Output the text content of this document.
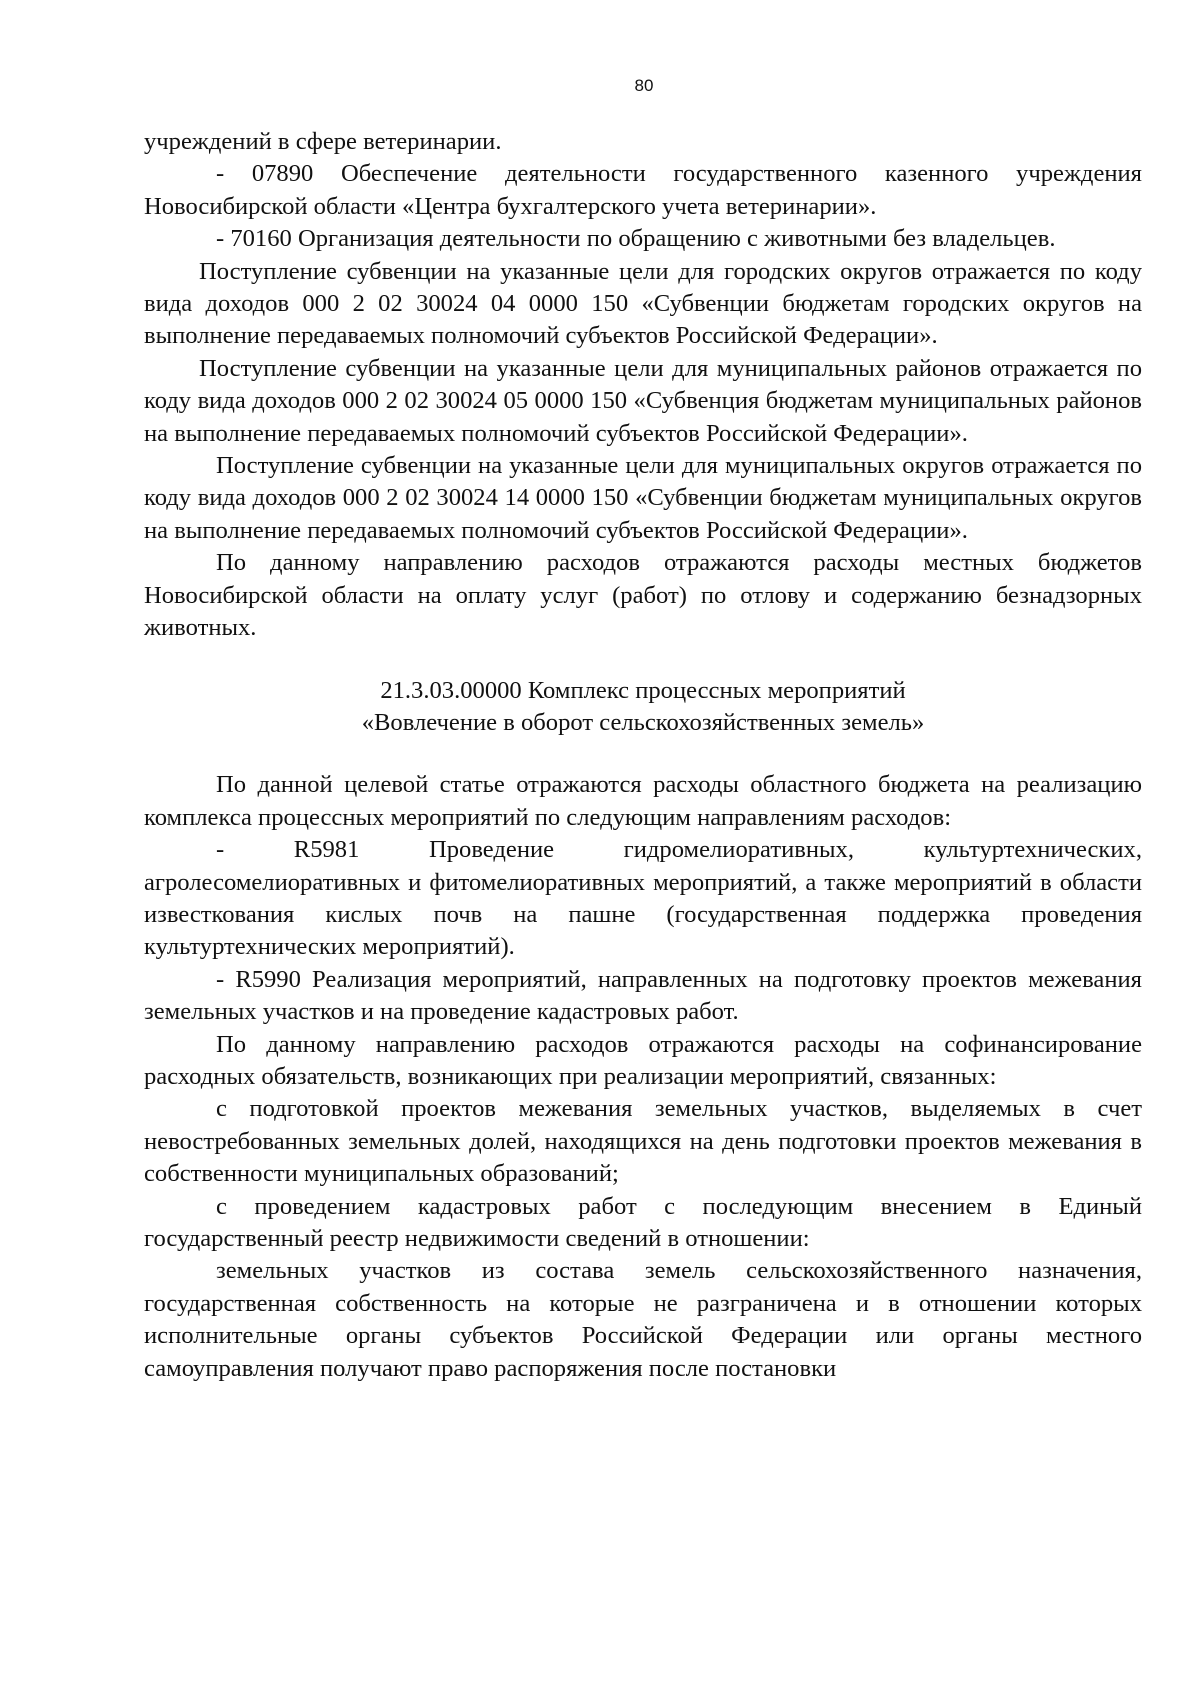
80

учреждений в сфере ветеринарии.

- 07890 Обеспечение деятельности государственного казенного учреждения Новосибирской области «Центра бухгалтерского учета ветеринарии».

- 70160 Организация деятельности по обращению с животными без владельцев.

Поступление субвенции на указанные цели для городских округов отражается по коду вида доходов 000 2 02 30024 04 0000 150 «Субвенции бюджетам городских округов на выполнение передаваемых полномочий субъектов Российской Федерации».

Поступление субвенции на указанные цели для муниципальных районов отражается по коду вида доходов 000 2 02 30024 05 0000 150 «Субвенция бюджетам муниципальных районов на выполнение передаваемых полномочий субъектов Российской Федерации».

Поступление субвенции на указанные цели для муниципальных округов отражается по коду вида доходов 000 2 02 30024 14 0000 150 «Субвенции бюджетам муниципальных округов на выполнение передаваемых полномочий субъектов Российской Федерации».

По данному направлению расходов отражаются расходы местных бюджетов Новосибирской области на оплату услуг (работ) по отлову и содержанию безнадзорных животных.

21.3.03.00000 Комплекс процессных мероприятий

«Вовлечение в оборот сельскохозяйственных земель»

По данной целевой статье отражаются расходы областного бюджета на реализацию комплекса процессных мероприятий по следующим направлениям расходов:

- R5981 Проведение гидромелиоративных, культуртехнических, агролесомелиоративных и фитомелиоративных мероприятий, а также мероприятий в области известкования кислых почв на пашне (государственная поддержка проведения культуртехнических мероприятий).

- R5990 Реализация мероприятий, направленных на подготовку проектов межевания земельных участков и на проведение кадастровых работ.

По данному направлению расходов отражаются расходы на софинансирование расходных обязательств, возникающих при реализации мероприятий, связанных:

с подготовкой проектов межевания земельных участков, выделяемых в счет невостребованных земельных долей, находящихся на день подготовки проектов межевания в собственности муниципальных образований;

с проведением кадастровых работ с последующим внесением в Единый государственный реестр недвижимости сведений в отношении:

земельных участков из состава земель сельскохозяйственного назначения, государственная собственность на которые не разграничена и в отношении которых исполнительные органы субъектов Российской Федерации или органы местного самоуправления получают право распоряжения после постановки
